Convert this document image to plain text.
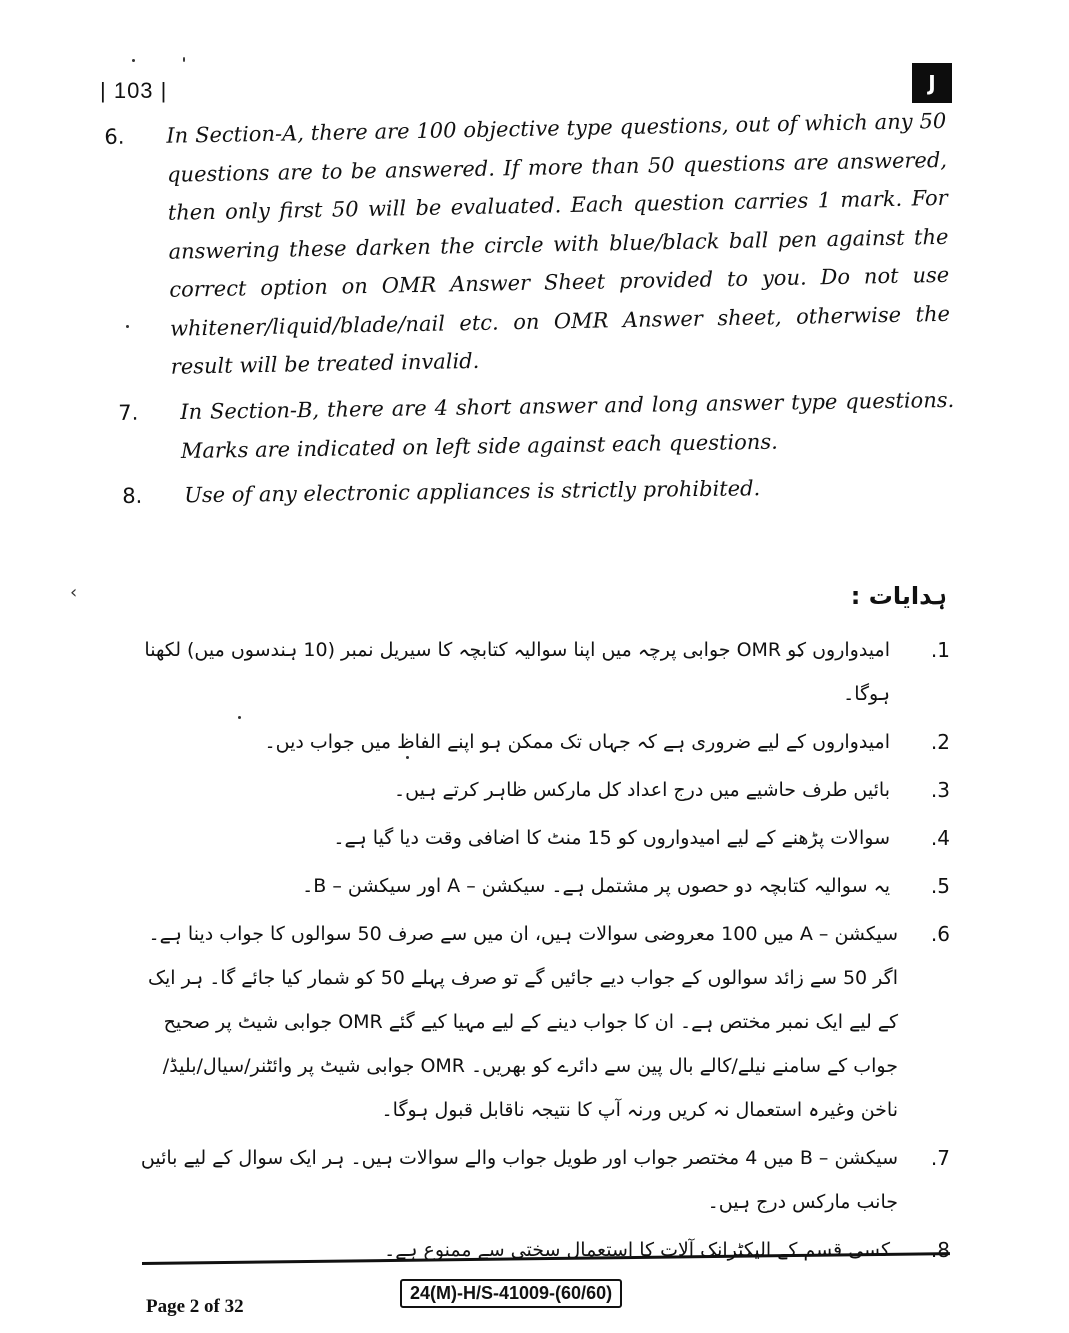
| 103 |	J
‹
6.	In Section-A, there are 100 objective type questions, out of which any 50 questions are to be answered. If more than 50 questions are answered, then only first 50 will be evaluated. Each question carries 1 mark. For answering these darken the circle with blue/black ball pen against the correct option on OMR Answer Sheet provided to you. Do not use whitener/liquid/blade/nail etc. on OMR Answer sheet, otherwise the result will be treated invalid.
7.	In Section-B, there are 4 short answer and long answer type questions. Marks are indicated on left side against each questions.
8.	Use of any electronic appliances is strictly prohibited.
ہدایات :
.1
امیدواروں کو OMR جوابی پرچہ میں اپنا سوالیہ کتابچہ کا سیریل نمبر (10 ہندسوں میں) لکھنا ہوگا۔
.2
امیدواروں کے لیے ضروری ہے کہ جہاں تک ممکن ہو اپنے الفاظ میں جواب دیں۔
.3
بائیں طرف حاشیے میں درج اعداد کل مارکس ظاہر کرتے ہیں۔
.4
سوالات پڑھنے کے لیے امیدواروں کو 15 منٹ کا اضافی وقت دیا گیا ہے۔
.5
یہ سوالیہ کتابچہ دو حصوں پر مشتمل ہے۔ سیکشن – A اور سیکشن – B۔
.6
سیکشن – A میں 100 معروضی سوالات ہیں، ان میں سے صرف 50 سوالوں کا جواب دینا ہے۔ اگر 50 سے زائد سوالوں کے جواب دیے جائیں گے تو صرف پہلے 50 کو شمار کیا جائے گا۔ ہر ایک کے لیے ایک نمبر مختص ہے۔ ان کا جواب دینے کے لیے مہیا کیے گئے OMR جوابی شیٹ پر صحیح جواب کے سامنے نیلے/کالے بال پین سے دائرے کو بھریں۔ OMR جوابی شیٹ پر وائٹنر/سیال/بلیڈ/ناخن وغیرہ استعمال نہ کریں ورنہ آپ کا نتیجہ ناقابل قبول ہوگا۔
.7
سیکشن – B میں 4 مختصر جواب اور طویل جواب والے سوالات ہیں۔ ہر ایک سوال کے لیے بائیں جانب مارکس درج ہیں۔
.8
کسی قسم کے الیکٹرانک آلات کا استعمال سختی سے ممنوع ہے۔
Page 2 of 32
24(M)-H/S-41009-(60/60)
